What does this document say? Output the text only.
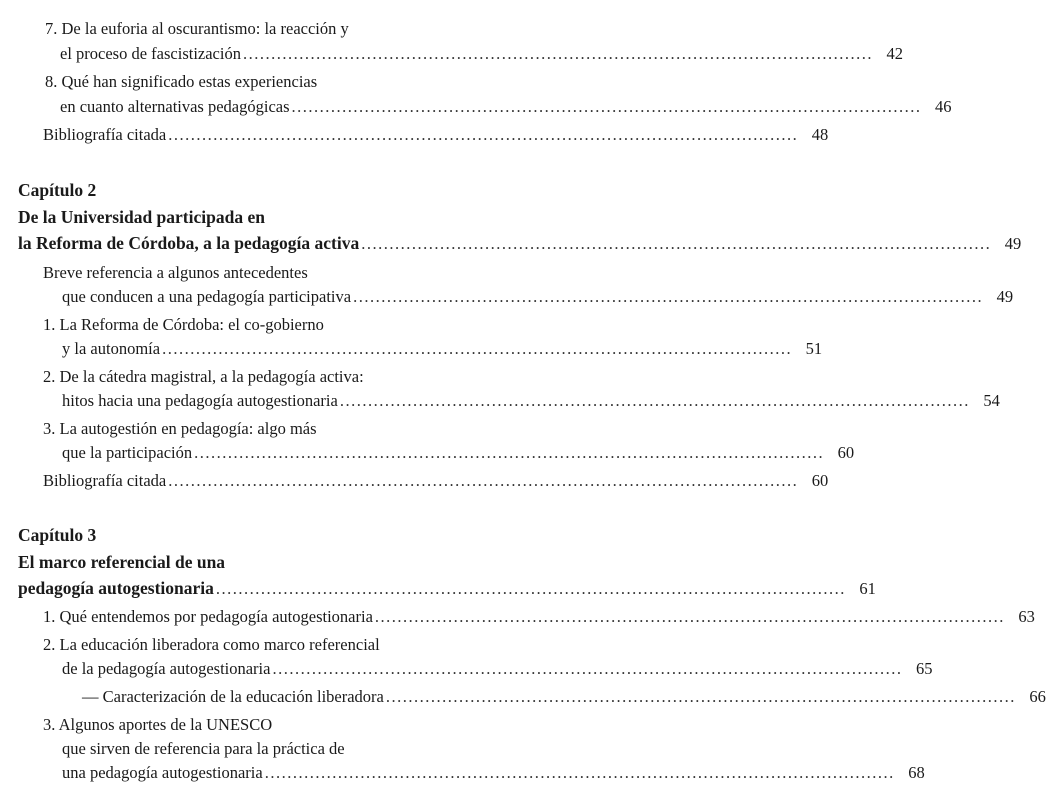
7. De la euforia al oscurantismo: la reacción y
el proceso de fascistización ................................................................................................................ 42
8. Qué han significado estas experiencias
en cuanto alternativas pedagógicas ................................................................................................................ 46
Bibliografía citada ................................................................................................................ 48
Capítulo 2
De la Universidad participada en
la Reforma de Córdoba, a la pedagogía activa ................................................................................................................ 49
Breve referencia a algunos antecedentes
que conducen a una pedagogía participativa ................................................................................................................ 49
1. La Reforma de Córdoba: el co-gobierno
y la autonomía ................................................................................................................ 51
2. De la cátedra magistral, a la pedagogía activa:
hitos hacia una pedagogía autogestionaria ................................................................................................................ 54
3. La autogestión en pedagogía: algo más
que la participación ................................................................................................................ 60
Bibliografía citada ................................................................................................................ 60
Capítulo 3
El marco referencial de una
pedagogía autogestionaria ................................................................................................................ 61
1. Qué entendemos por pedagogía autogestionaria ................................................................................................................ 63
2. La educación liberadora como marco referencial
de la pedagogía autogestionaria ................................................................................................................ 65
— Caracterización de la educación liberadora ................................................................................................................ 66
3. Algunos aportes de la UNESCO
que sirven de referencia para la práctica de
una pedagogía autogestionaria ................................................................................................................ 68
